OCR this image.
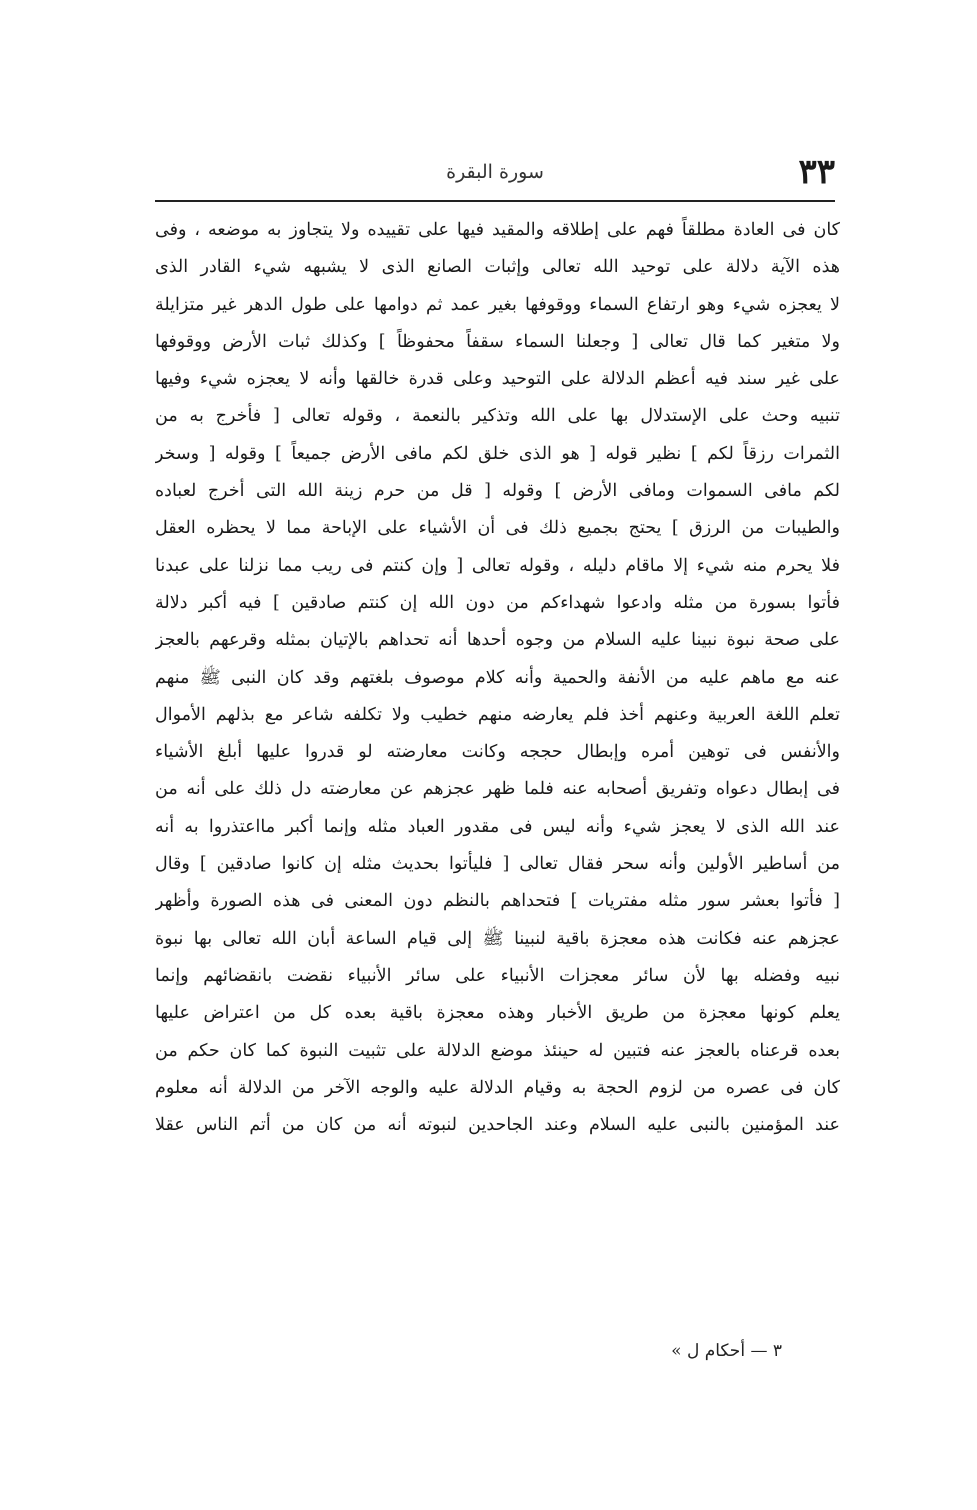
٣٣
سورة البقرة
كان فى العادة مطلقاً فهم على إطلاقه والمقيد فيها على تقييده ولا يتجاوز به موضعه ، وفى
هذه الآية دلالة على توحيد الله تعالى وإثبات الصانع الذى لا يشبهه شيء القادر الذى
لا يعجزه شيء وهو ارتفاع السماء ووقوفها بغير عمد ثم دوامها على طول الدهر غير متزايلة
ولا متغير كما قال تعالى [ وجعلنا السماء سقفاً محفوظاً ] وكذلك ثبات الأرض ووقوفها
على غير سند فيه أعظم الدلالة على التوحيد وعلى قدرة خالقها وأنه لا يعجزه شيء وفيها
تنبيه وحث على الإستدلال بها على الله وتذكير بالنعمة ، وقوله تعالى [ فأخرج به من
الثمرات رزقاً لكم ] نظير قوله [ هو الذى خلق لكم مافى الأرض جميعاً ] وقوله [ وسخر
لكم مافى السموات ومافى الأرض ] وقوله [ قل من حرم زينة الله التى أخرج لعباده
والطيبات من الرزق ] يحتج بجميع ذلك فى أن الأشياء على الإباحة مما لا يحظره العقل
فلا يحرم منه شيء إلا ماقام دليله ، وقوله تعالى [ وإن كنتم فى ريب مما نزلنا على عبدنا
فأتوا بسورة من مثله وادعوا شهداءكم من دون الله إن كنتم صادقين ] فيه أكبر دلالة
على صحة نبوة نبينا عليه السلام من وجوه أحدها أنه تحداهم بالإتيان بمثله وقرعهم بالعجز
عنه مع ماهم عليه من الأنفة والحمية وأنه كلام موصوف بلغتهم وقد كان النبى ﷺ منهم
تعلم اللغة العربية وعنهم أخذ فلم يعارضه منهم خطيب ولا تكلفه شاعر مع بذلهم الأموال
والأنفس فى توهين أمره وإبطال حججه وكانت معارضته لو قدروا عليها أبلغ الأشياء
فى إبطال دعواه وتفريق أصحابه عنه فلما ظهر عجزهم عن معارضته دل ذلك على أنه من
عند الله الذى لا يعجز شيء وأنه ليس فى مقدور العباد مثله وإنما أكبر مااعتذروا به أنه
من أساطير الأولين وأنه سحر فقال تعالى [ فليأتوا بحديث مثله إن كانوا صادقين ] وقال
[ فأتوا بعشر سور مثله مفتريات ] فتحداهم بالنظم دون المعنى فى هذه الصورة وأظهر
عجزهم عنه فكانت هذه معجزة باقية لنبينا ﷺ إلى قيام الساعة أبان الله تعالى بها نبوة
نبيه وفضله بها لأن سائر معجزات الأنبياء على سائر الأنبياء نقضت بانقضائهم وإنما
يعلم كونها معجزة من طريق الأخبار وهذه معجزة باقية بعده كل من اعتراض عليها
بعده قرعناه بالعجز عنه فتبين له حينئذ موضع الدلالة على تثبيت النبوة كما كان حكم من
كان فى عصره من لزوم الحجة به وقيام الدلالة عليه والوجه الآخر من الدلالة أنه معلوم
عند المؤمنين بالنبى عليه السلام وعند الجاحدين لنبوته أنه من كان من أتم الناس عقلا
٣ — أحكام ل »
